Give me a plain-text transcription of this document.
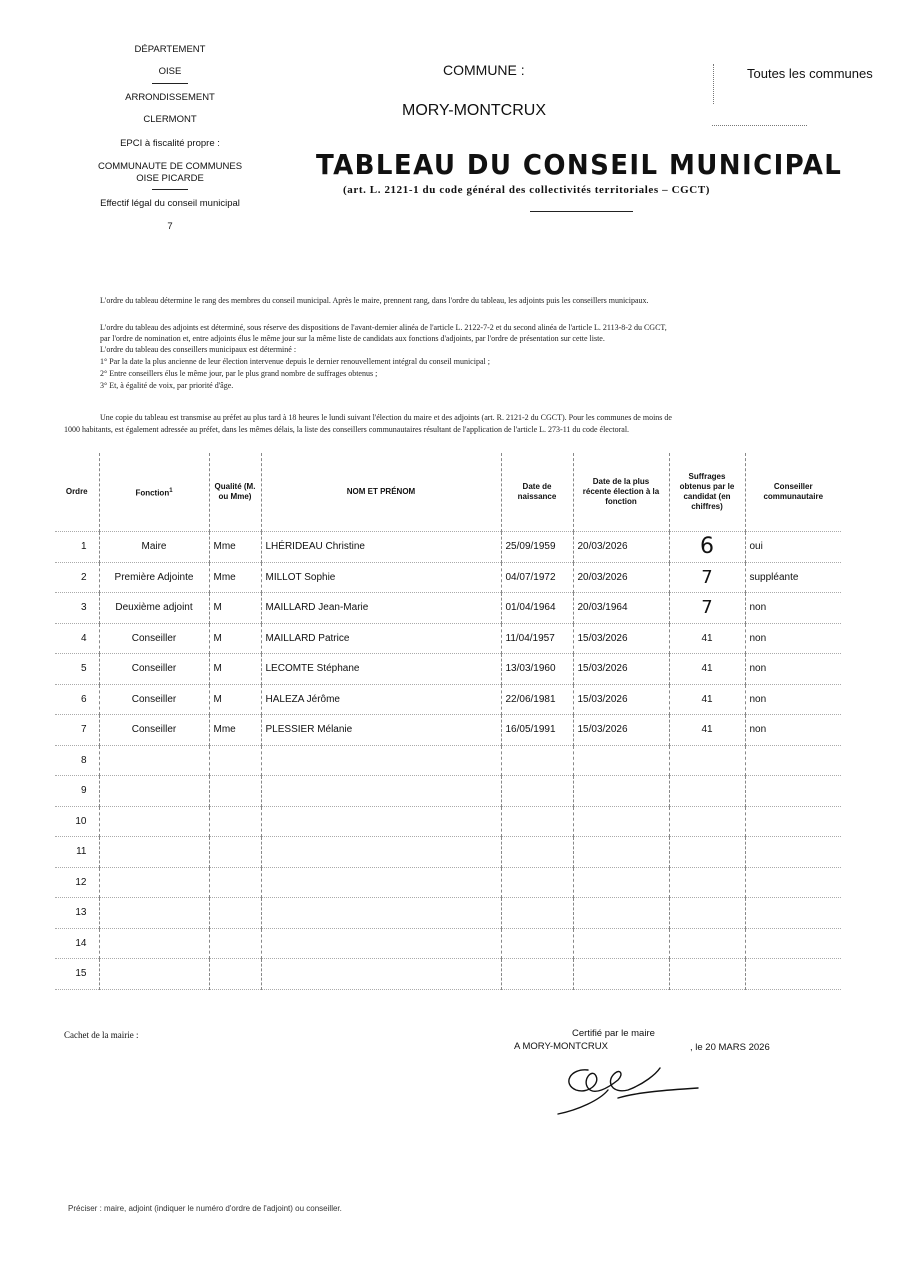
DÉPARTEMENT

OISE

ARRONDISSEMENT

CLERMONT

EPCI à fiscalité propre :

COMMUNAUTE DE COMMUNES

OISE PICARDE

Effectif légal du conseil municipal

7

COMMUNE :
MORY-MONTCRUX
Toutes les communes
TABLEAU DU CONSEIL MUNICIPAL
(art. L. 2121-1 du code général des collectivités territoriales – CGCT)
L'ordre du tableau détermine le rang des membres du conseil municipal. Après le maire, prennent rang, dans l'ordre du tableau, les adjoints puis les conseillers municipaux.
L'ordre du tableau des adjoints est déterminé, sous réserve des dispositions de l'avant-dernier alinéa de l'article L. 2122-7-2 et du second alinéa de l'article L. 2113-8-2 du CGCT,
par l'ordre de nomination et, entre adjoints élus le même jour sur la même liste de candidats aux fonctions d'adjoints, par l'ordre de présentation sur cette liste.
L'ordre du tableau des conseillers municipaux est déterminé :
1° Par la date la plus ancienne de leur élection intervenue depuis le dernier renouvellement intégral du conseil municipal ;
2° Entre conseillers élus le même jour, par le plus grand nombre de suffrages obtenus ;
3° Et, à égalité de voix, par priorité d'âge.
Une copie du tableau est transmise au préfet au plus tard à 18 heures le lundi suivant l'élection du maire et des adjoints (art. R. 2121-2 du CGCT). Pour les communes de moins de
1000 habitants, est également adressée au préfet, dans les mêmes délais, la liste des conseillers communautaires résultant de l'application de l'article L. 273-11 du code électoral.
Ordre	Fonction$^1$	Qualité (M. ou Mme)	NOM ET PRÉNOM	Date de naissance	Date de la plus récente élection à la fonction	Suffrages obtenus par le candidat (en chiffres)	Conseiller communautaire
1	Maire	Mme	LHÉRIDEAU Christine	25/09/1959	20/03/2026	6	oui
2	Première Adjointe	Mme	MILLOT Sophie	04/07/1972	20/03/2026	7	suppléante
3	Deuxième adjoint	M	MAILLARD Jean-Marie	01/04/1964	20/03/1964	7	non
4	Conseiller	M	MAILLARD Patrice	11/04/1957	15/03/2026	41	non
5	Conseiller	M	LECOMTE Stéphane	13/03/1960	15/03/2026	41	non
6	Conseiller	M	HALEZA Jérôme	22/06/1981	15/03/2026	41	non
7	Conseiller	Mme	PLESSIER Mélanie	16/05/1991	15/03/2026	41	non
8							
9							
10							
11							
12							
13							
14							
15							
Cachet de la mairie :	Certifié par le maire
A MORY-MONTCRUX	, le 20 MARS 2026
Préciser : maire, adjoint (indiquer le numéro d'ordre de l'adjoint) ou conseiller.
